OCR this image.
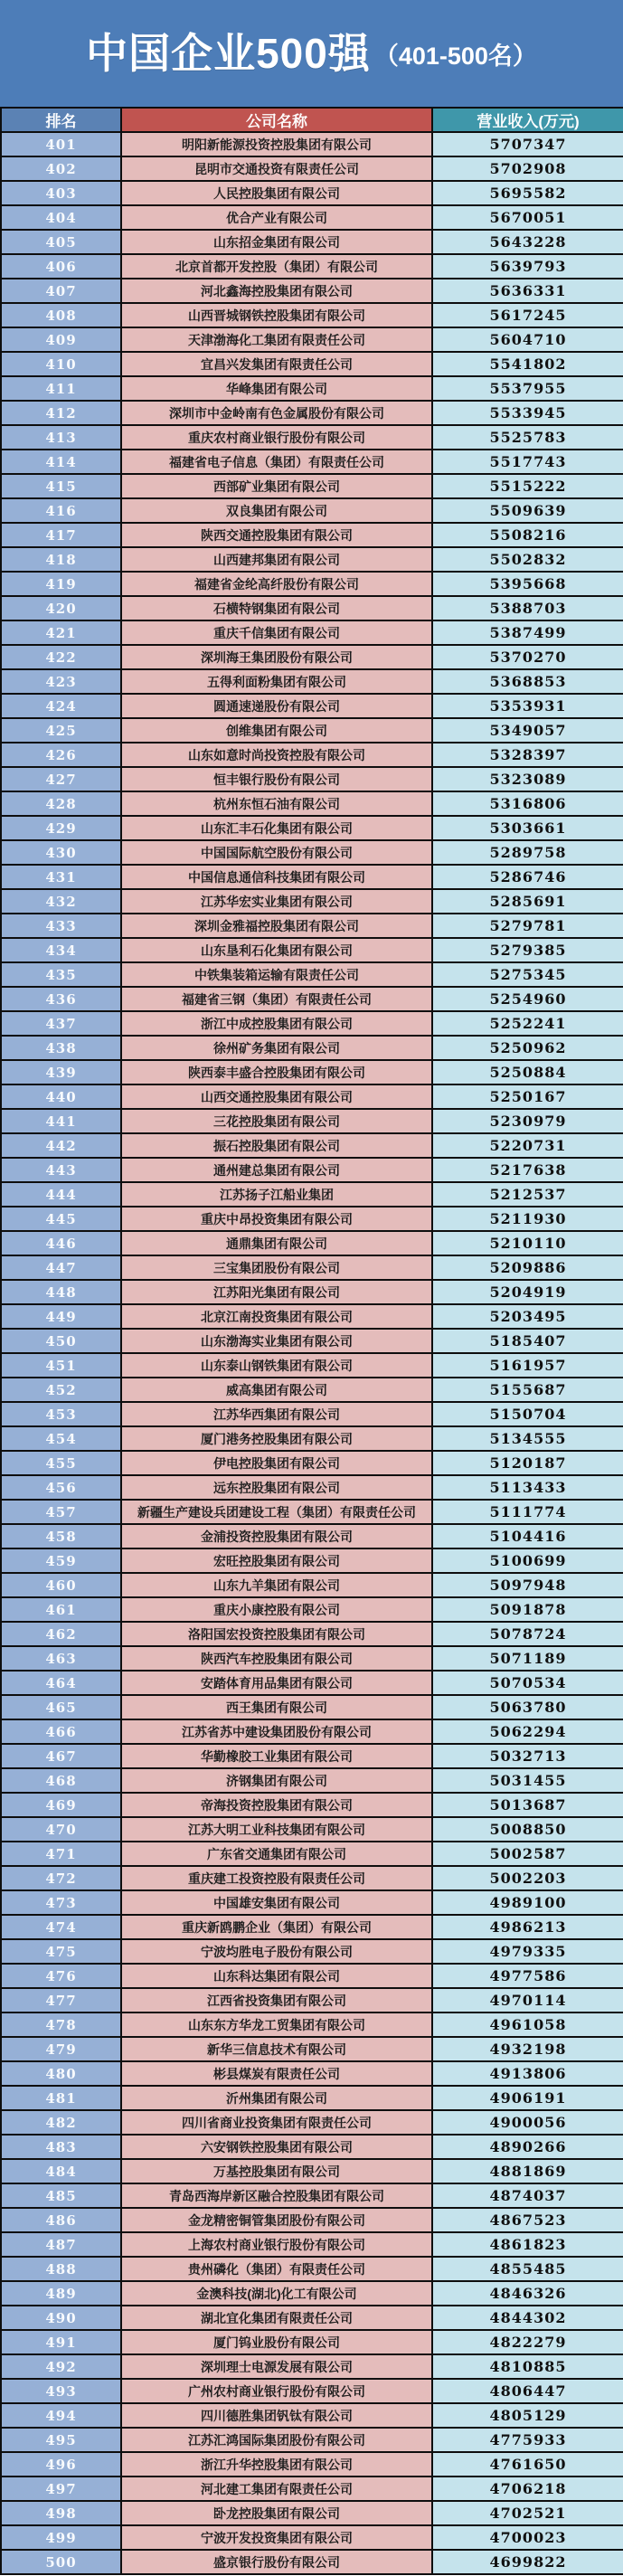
中国企业500强 （401-500名）
排名	公司名称	营业收入(万元)
401	明阳新能源投资控股集团有限公司	5707347
402	昆明市交通投资有限责任公司	5702908
403	人民控股集团有限公司	5695582
404	优合产业有限公司	5670051
405	山东招金集团有限公司	5643228
406	北京首都开发控股（集团）有限公司	5639793
407	河北鑫海控股集团有限公司	5636331
408	山西晋城钢铁控股集团有限公司	5617245
409	天津渤海化工集团有限责任公司	5604710
410	宜昌兴发集团有限责任公司	5541802
411	华峰集团有限公司	5537955
412	深圳市中金岭南有色金属股份有限公司	5533945
413	重庆农村商业银行股份有限公司	5525783
414	福建省电子信息（集团）有限责任公司	5517743
415	西部矿业集团有限公司	5515222
416	双良集团有限公司	5509639
417	陕西交通控股集团有限公司	5508216
418	山西建邦集团有限公司	5502832
419	福建省金纶高纤股份有限公司	5395668
420	石横特钢集团有限公司	5388703
421	重庆千信集团有限公司	5387499
422	深圳海王集团股份有限公司	5370270
423	五得利面粉集团有限公司	5368853
424	圆通速递股份有限公司	5353931
425	创维集团有限公司	5349057
426	山东如意时尚投资控股有限公司	5328397
427	恒丰银行股份有限公司	5323089
428	杭州东恒石油有限公司	5316806
429	山东汇丰石化集团有限公司	5303661
430	中国国际航空股份有限公司	5289758
431	中国信息通信科技集团有限公司	5286746
432	江苏华宏实业集团有限公司	5285691
433	深圳金雅福控股集团有限公司	5279781
434	山东垦利石化集团有限公司	5279385
435	中铁集装箱运输有限责任公司	5275345
436	福建省三钢（集团）有限责任公司	5254960
437	浙江中成控股集团有限公司	5252241
438	徐州矿务集团有限公司	5250962
439	陕西泰丰盛合控股集团有限公司	5250884
440	山西交通控股集团有限公司	5250167
441	三花控股集团有限公司	5230979
442	振石控股集团有限公司	5220731
443	通州建总集团有限公司	5217638
444	江苏扬子江船业集团	5212537
445	重庆中昂投资集团有限公司	5211930
446	通鼎集团有限公司	5210110
447	三宝集团股份有限公司	5209886
448	江苏阳光集团有限公司	5204919
449	北京江南投资集团有限公司	5203495
450	山东渤海实业集团有限公司	5185407
451	山东泰山钢铁集团有限公司	5161957
452	威高集团有限公司	5155687
453	江苏华西集团有限公司	5150704
454	厦门港务控股集团有限公司	5134555
455	伊电控股集团有限公司	5120187
456	远东控股集团有限公司	5113433
457	新疆生产建设兵团建设工程（集团）有限责任公司	5111774
458	金浦投资控股集团有限公司	5104416
459	宏旺控股集团有限公司	5100699
460	山东九羊集团有限公司	5097948
461	重庆小康控股有限公司	5091878
462	洛阳国宏投资控股集团有限公司	5078724
463	陕西汽车控股集团有限公司	5071189
464	安踏体育用品集团有限公司	5070534
465	西王集团有限公司	5063780
466	江苏省苏中建设集团股份有限公司	5062294
467	华勤橡胶工业集团有限公司	5032713
468	济钢集团有限公司	5031455
469	帝海投资控股集团有限公司	5013687
470	江苏大明工业科技集团有限公司	5008850
471	广东省交通集团有限公司	5002587
472	重庆建工投资控股有限责任公司	5002203
473	中国雄安集团有限公司	4989100
474	重庆新鸥鹏企业（集团）有限公司	4986213
475	宁波均胜电子股份有限公司	4979335
476	山东科达集团有限公司	4977586
477	江西省投资集团有限公司	4970114
478	山东东方华龙工贸集团有限公司	4961058
479	新华三信息技术有限公司	4932198
480	彬县煤炭有限责任公司	4913806
481	沂州集团有限公司	4906191
482	四川省商业投资集团有限责任公司	4900056
483	六安钢铁控股集团有限公司	4890266
484	万基控股集团有限公司	4881869
485	青岛西海岸新区融合控股集团有限公司	4874037
486	金龙精密铜管集团股份有限公司	4867523
487	上海农村商业银行股份有限公司	4861823
488	贵州磷化（集团）有限责任公司	4855485
489	金澳科技(湖北)化工有限公司	4846326
490	湖北宜化集团有限责任公司	4844302
491	厦门钨业股份有限公司	4822279
492	深圳理士电源发展有限公司	4810885
493	广州农村商业银行股份有限公司	4806447
494	四川德胜集团钒钛有限公司	4805129
495	江苏汇鸿国际集团股份有限公司	4775933
496	浙江升华控股集团有限公司	4761650
497	河北建工集团有限责任公司	4706218
498	卧龙控股集团有限公司	4702521
499	宁波开发投资集团有限公司	4700023
500	盛京银行股份有限公司	4699822
